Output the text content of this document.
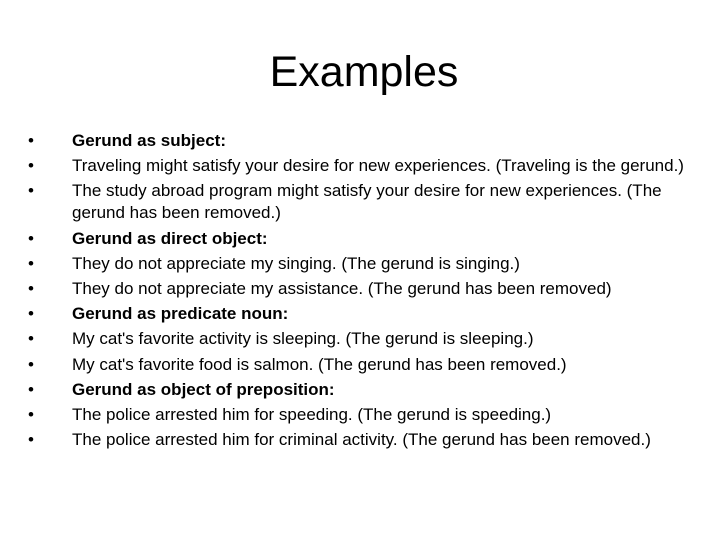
Examples
•	Gerund as subject:
•	Traveling might satisfy your desire for new experiences. (Traveling is the gerund.)
•	The study abroad program might satisfy your desire for new experiences. (The gerund has been removed.)
•	Gerund as direct object:
•	They do not appreciate my singing. (The gerund is singing.)
•	They do not appreciate my assistance. (The gerund has been removed)
•	Gerund as predicate noun:
•	My cat's favorite activity is sleeping. (The gerund is sleeping.)
•	My cat's favorite food is salmon. (The gerund has been removed.)
•	Gerund as object of preposition:
•	The police arrested him for speeding. (The gerund is speeding.)
•	The police arrested him for criminal activity. (The gerund has been removed.)
